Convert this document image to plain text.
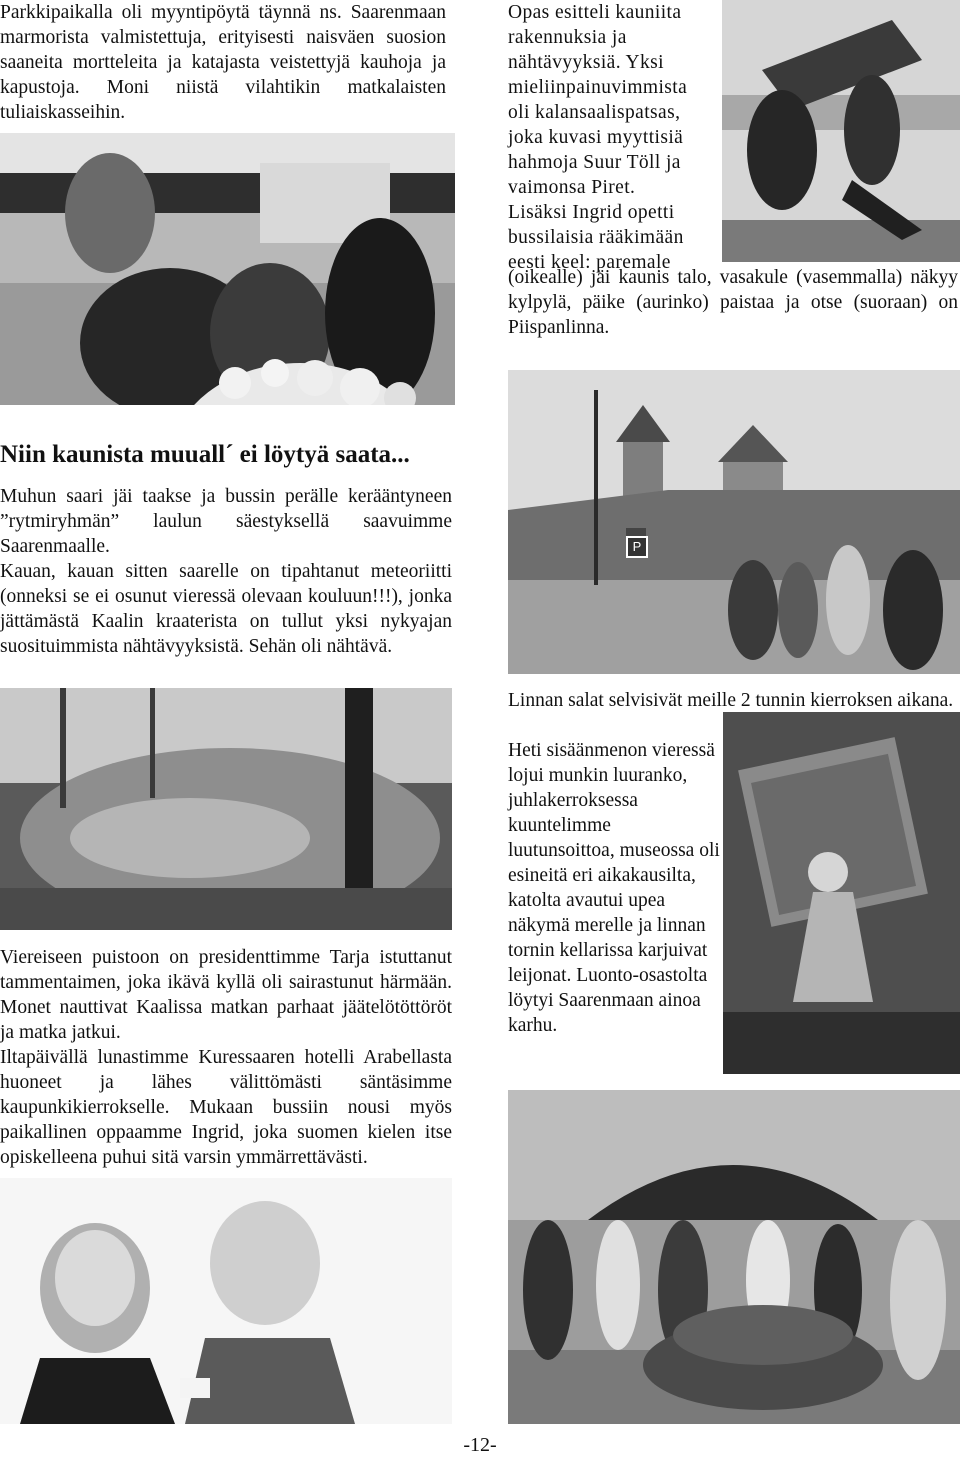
Parkkipaikalla oli myyntipöytä täynnä ns. Saarenmaan marmorista valmistettuja, erityisesti naisväen suosion saaneita mortteleita ja katajasta veistettyjä kauhoja ja kapustoja. Moni niistä vilahtikin matkalaisten tuliaiskasseihin.

Opas esitteli kauniita rakennuksia ja nähtävyyksiä. Yksi mieliinpainuvimmista oli kalansaalispatsas, joka kuvasi myyttisiä hahmoja Suur Töll ja vaimonsa Piret.

Lisäksi Ingrid opetti bussilaisia rääkimään eesti keel: paremale

(oikealle) jäi kaunis talo, vasakule (vasemmalla) näkyy kylpylä, päike (aurinko) paistaa ja otse (suoraan) on Piispanlinna.

P
Niin kaunista muuall´ ei löytyä saata...

Muhun saari jäi taakse ja bussin perälle kerääntyneen ”rytmiryhmän” laulun säestyksellä saavuimme Saarenmaalle.

Kauan, kauan sitten saarelle on tipahtanut meteoriitti (onneksi se ei osunut vieressä olevaan kouluun!!!), jonka jättämästä Kaalin kraaterista on tullut yksi nykyajan suosituimmista nähtävyyksistä. Sehän oli nähtävä.

Viereiseen puistoon on presidenttimme Tarja istuttanut tammentaimen, joka ikävä kyllä oli sairastunut härmään. Monet nauttivat Kaalissa matkan parhaat jäätelötöttöröt ja matka jatkui.

Iltapäivällä lunastimme Kuressaaren hotelli Arabellasta huoneet ja lähes välittömästi säntäsimme kaupunkikierrokselle. Mukaan bussiin nousi myös paikallinen oppaamme Ingrid, joka suomen kielen itse opiskelleena puhui sitä varsin ymmärrettävästi.

Linnan salat selvisivät meille 2 tunnin kierroksen aikana.

Heti sisäänmenon vieressä lojui munkin luuranko, juhlakerroksessa kuuntelimme luutunsoittoa, museossa oli esineitä eri aikakausilta, katolta avautui upea näkymä merelle ja linnan tornin kellarissa karjuivat leijonat. Luonto-osastolta löytyi Saarenmaan ainoa karhu.

-12-
